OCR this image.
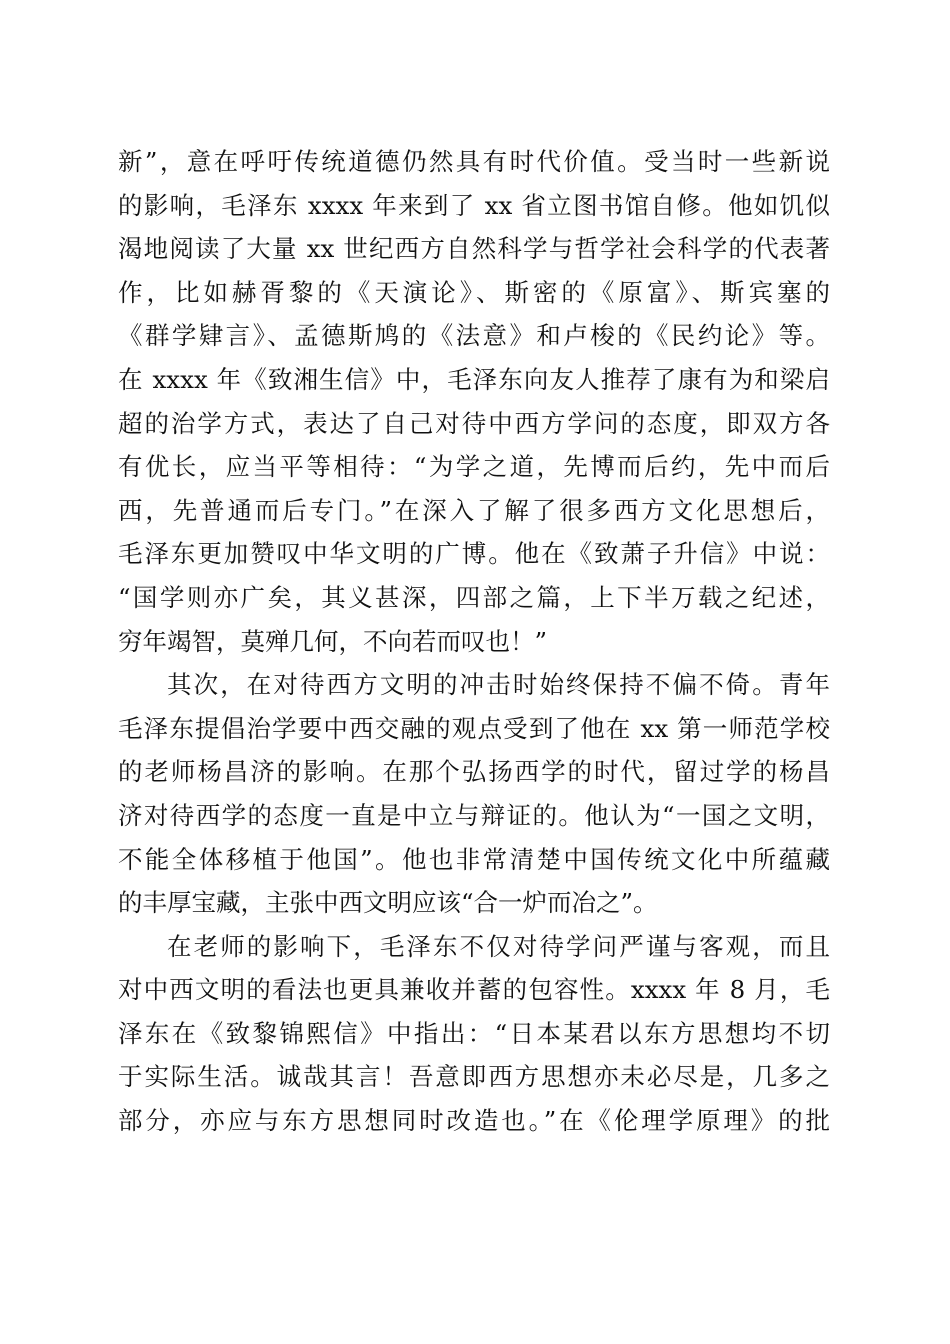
新”，意在呼吁传统道德仍然具有时代价值。受当时一些新说
的影响，毛泽东 xxxx 年来到了 xx 省立图书馆自修。他如饥似
渴地阅读了大量 xx 世纪西方自然科学与哲学社会科学的代表著
作，比如赫胥黎的《天演论》、斯密的《原富》、斯宾塞的
《群学肄言》、孟德斯鸠的《法意》和卢梭的《民约论》等。
在 xxxx 年《致湘生信》中，毛泽东向友人推荐了康有为和梁启
超的治学方式，表达了自己对待中西方学问的态度，即双方各
有优长，应当平等相待：“为学之道，先博而后约，先中而后
西，先普通而后专门。”在深入了解了很多西方文化思想后，
毛泽东更加赞叹中华文明的广博。他在《致萧子升信》中说：
“国学则亦广矣，其义甚深，四部之篇，上下半万载之纪述，
穷年竭智，莫殚几何，不向若而叹也！”
其次，在对待西方文明的冲击时始终保持不偏不倚。青年
毛泽东提倡治学要中西交融的观点受到了他在 xx 第一师范学校
的老师杨昌济的影响。在那个弘扬西学的时代，留过学的杨昌
济对待西学的态度一直是中立与辩证的。他认为“一国之文明，
不能全体移植于他国”。他也非常清楚中国传统文化中所蕴藏
的丰厚宝藏，主张中西文明应该“合一炉而冶之”。
在老师的影响下，毛泽东不仅对待学问严谨与客观，而且
对中西文明的看法也更具兼收并蓄的包容性。xxxx 年 8 月，毛
泽东在《致黎锦熙信》中指出：“日本某君以东方思想均不切
于实际生活。诚哉其言！吾意即西方思想亦未必尽是，几多之
部分，亦应与东方思想同时改造也。”在《伦理学原理》的批
